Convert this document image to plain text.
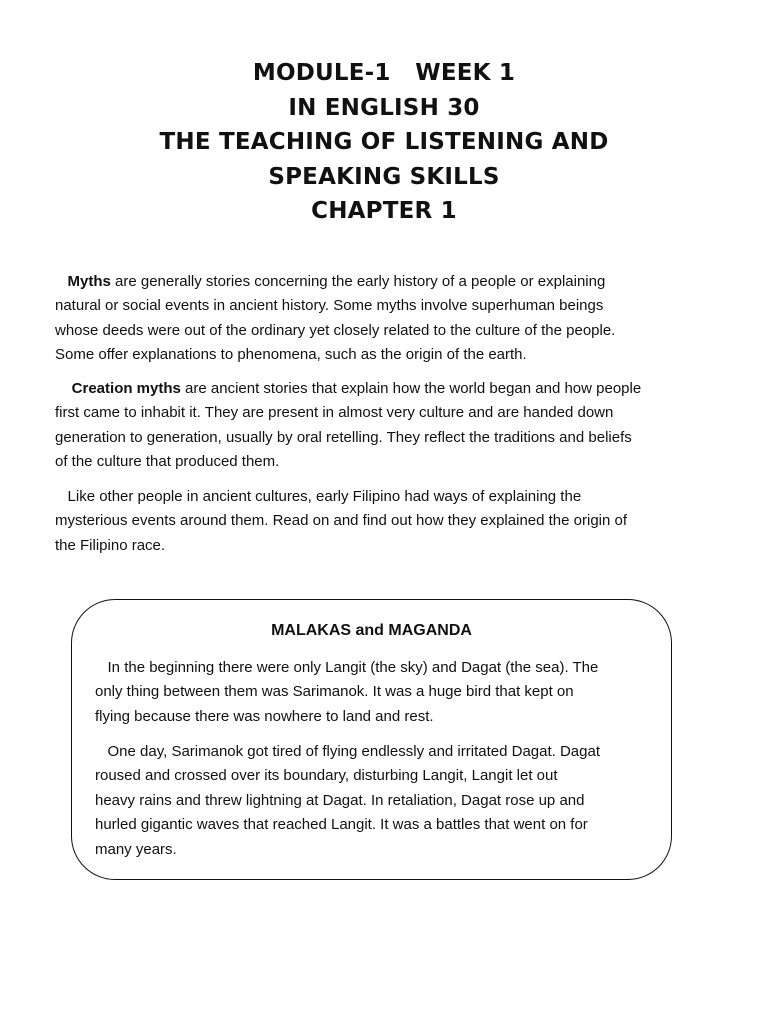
MODULE-1   WEEK 1
IN ENGLISH 30
THE TEACHING OF LISTENING AND
SPEAKING SKILLS
CHAPTER 1

Myths are generally stories concerning the early history of a people or explaining
natural or social events in ancient history. Some myths involve superhuman beings
whose deeds were out of the ordinary yet closely related to the culture of the people.
Some offer explanations to phenomena, such as the origin of the earth.

Creation myths are ancient stories that explain how the world began and how people
first came to inhabit it. They are present in almost very culture and are handed down
generation to generation, usually by oral retelling. They reflect the traditions and beliefs
of the culture that produced them.

Like other people in ancient cultures, early Filipino had ways of explaining the
mysterious events around them. Read on and find out how they explained the origin of
the Filipino race.

MALAKAS and MAGANDA
In the beginning there were only Langit (the sky) and Dagat (the sea). The
only thing between them was Sarimanok. It was a huge bird that kept on
flying because there was nowhere to land and rest.
One day, Sarimanok got tired of flying endlessly and irritated Dagat. Dagat
roused and crossed over its boundary, disturbing Langit, Langit let out
heavy rains and threw lightning at Dagat. In retaliation, Dagat rose up and
hurled gigantic waves that reached Langit. It was a battles that went on for
many years.
